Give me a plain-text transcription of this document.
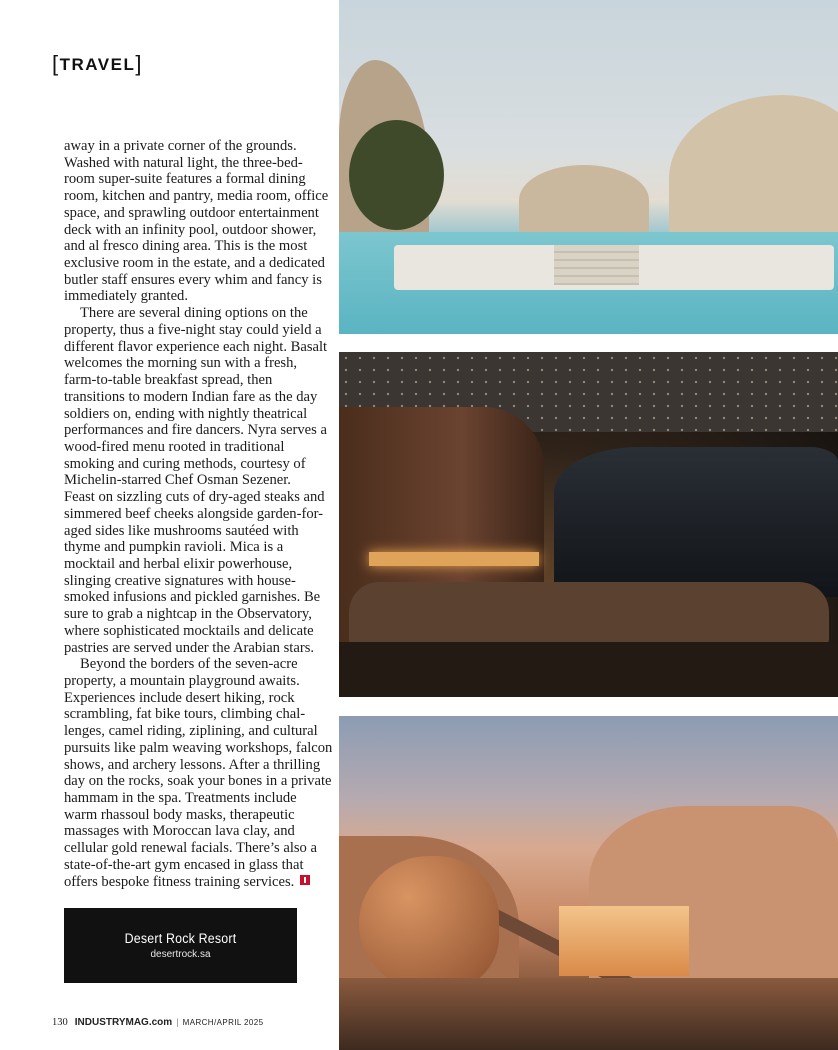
[TRAVEL]
away in a private corner of the grounds.
Washed with natural light, the three-bed-
room super-suite features a formal dining
room, kitchen and pantry, media room, office
space, and sprawling outdoor entertainment
deck with an infinity pool, outdoor shower,
and al fresco dining area. This is the most
exclusive room in the estate, and a dedicated
butler staff ensures every whim and fancy is
immediately granted.
There are several dining options on the
property, thus a five-night stay could yield a
different flavor experience each night. Basalt
welcomes the morning sun with a fresh,
farm-to-table breakfast spread, then
transitions to modern Indian fare as the day
soldiers on, ending with nightly theatrical
performances and fire dancers. Nyra serves a
wood-fired menu rooted in traditional
smoking and curing methods, courtesy of
Michelin-starred Chef Osman Sezener.
Feast on sizzling cuts of dry-aged steaks and
simmered beef cheeks alongside garden-for-
aged sides like mushrooms sautéed with
thyme and pumpkin ravioli. Mica is a
mocktail and herbal elixir powerhouse,
slinging creative signatures with house-
smoked infusions and pickled garnishes. Be
sure to grab a nightcap in the Observatory,
where sophisticated mocktails and delicate
pastries are served under the Arabian stars.
Beyond the borders of the seven-acre
property, a mountain playground awaits.
Experiences include desert hiking, rock
scrambling, fat bike tours, climbing chal-
lenges, camel riding, ziplining, and cultural
pursuits like palm weaving workshops, falcon
shows, and archery lessons. After a thrilling
day on the rocks, soak your bones in a private
hammam in the spa. Treatments include
warm rhassoul body masks, therapeutic
massages with Moroccan lava clay, and
cellular gold renewal facials. There’s also a
state-of-the-art gym encased in glass that
offers bespoke fitness training services.
Desert Rock Resort
desertrock.sa
130 INDUSTRYMAG.com | MARCH/APRIL 2025
